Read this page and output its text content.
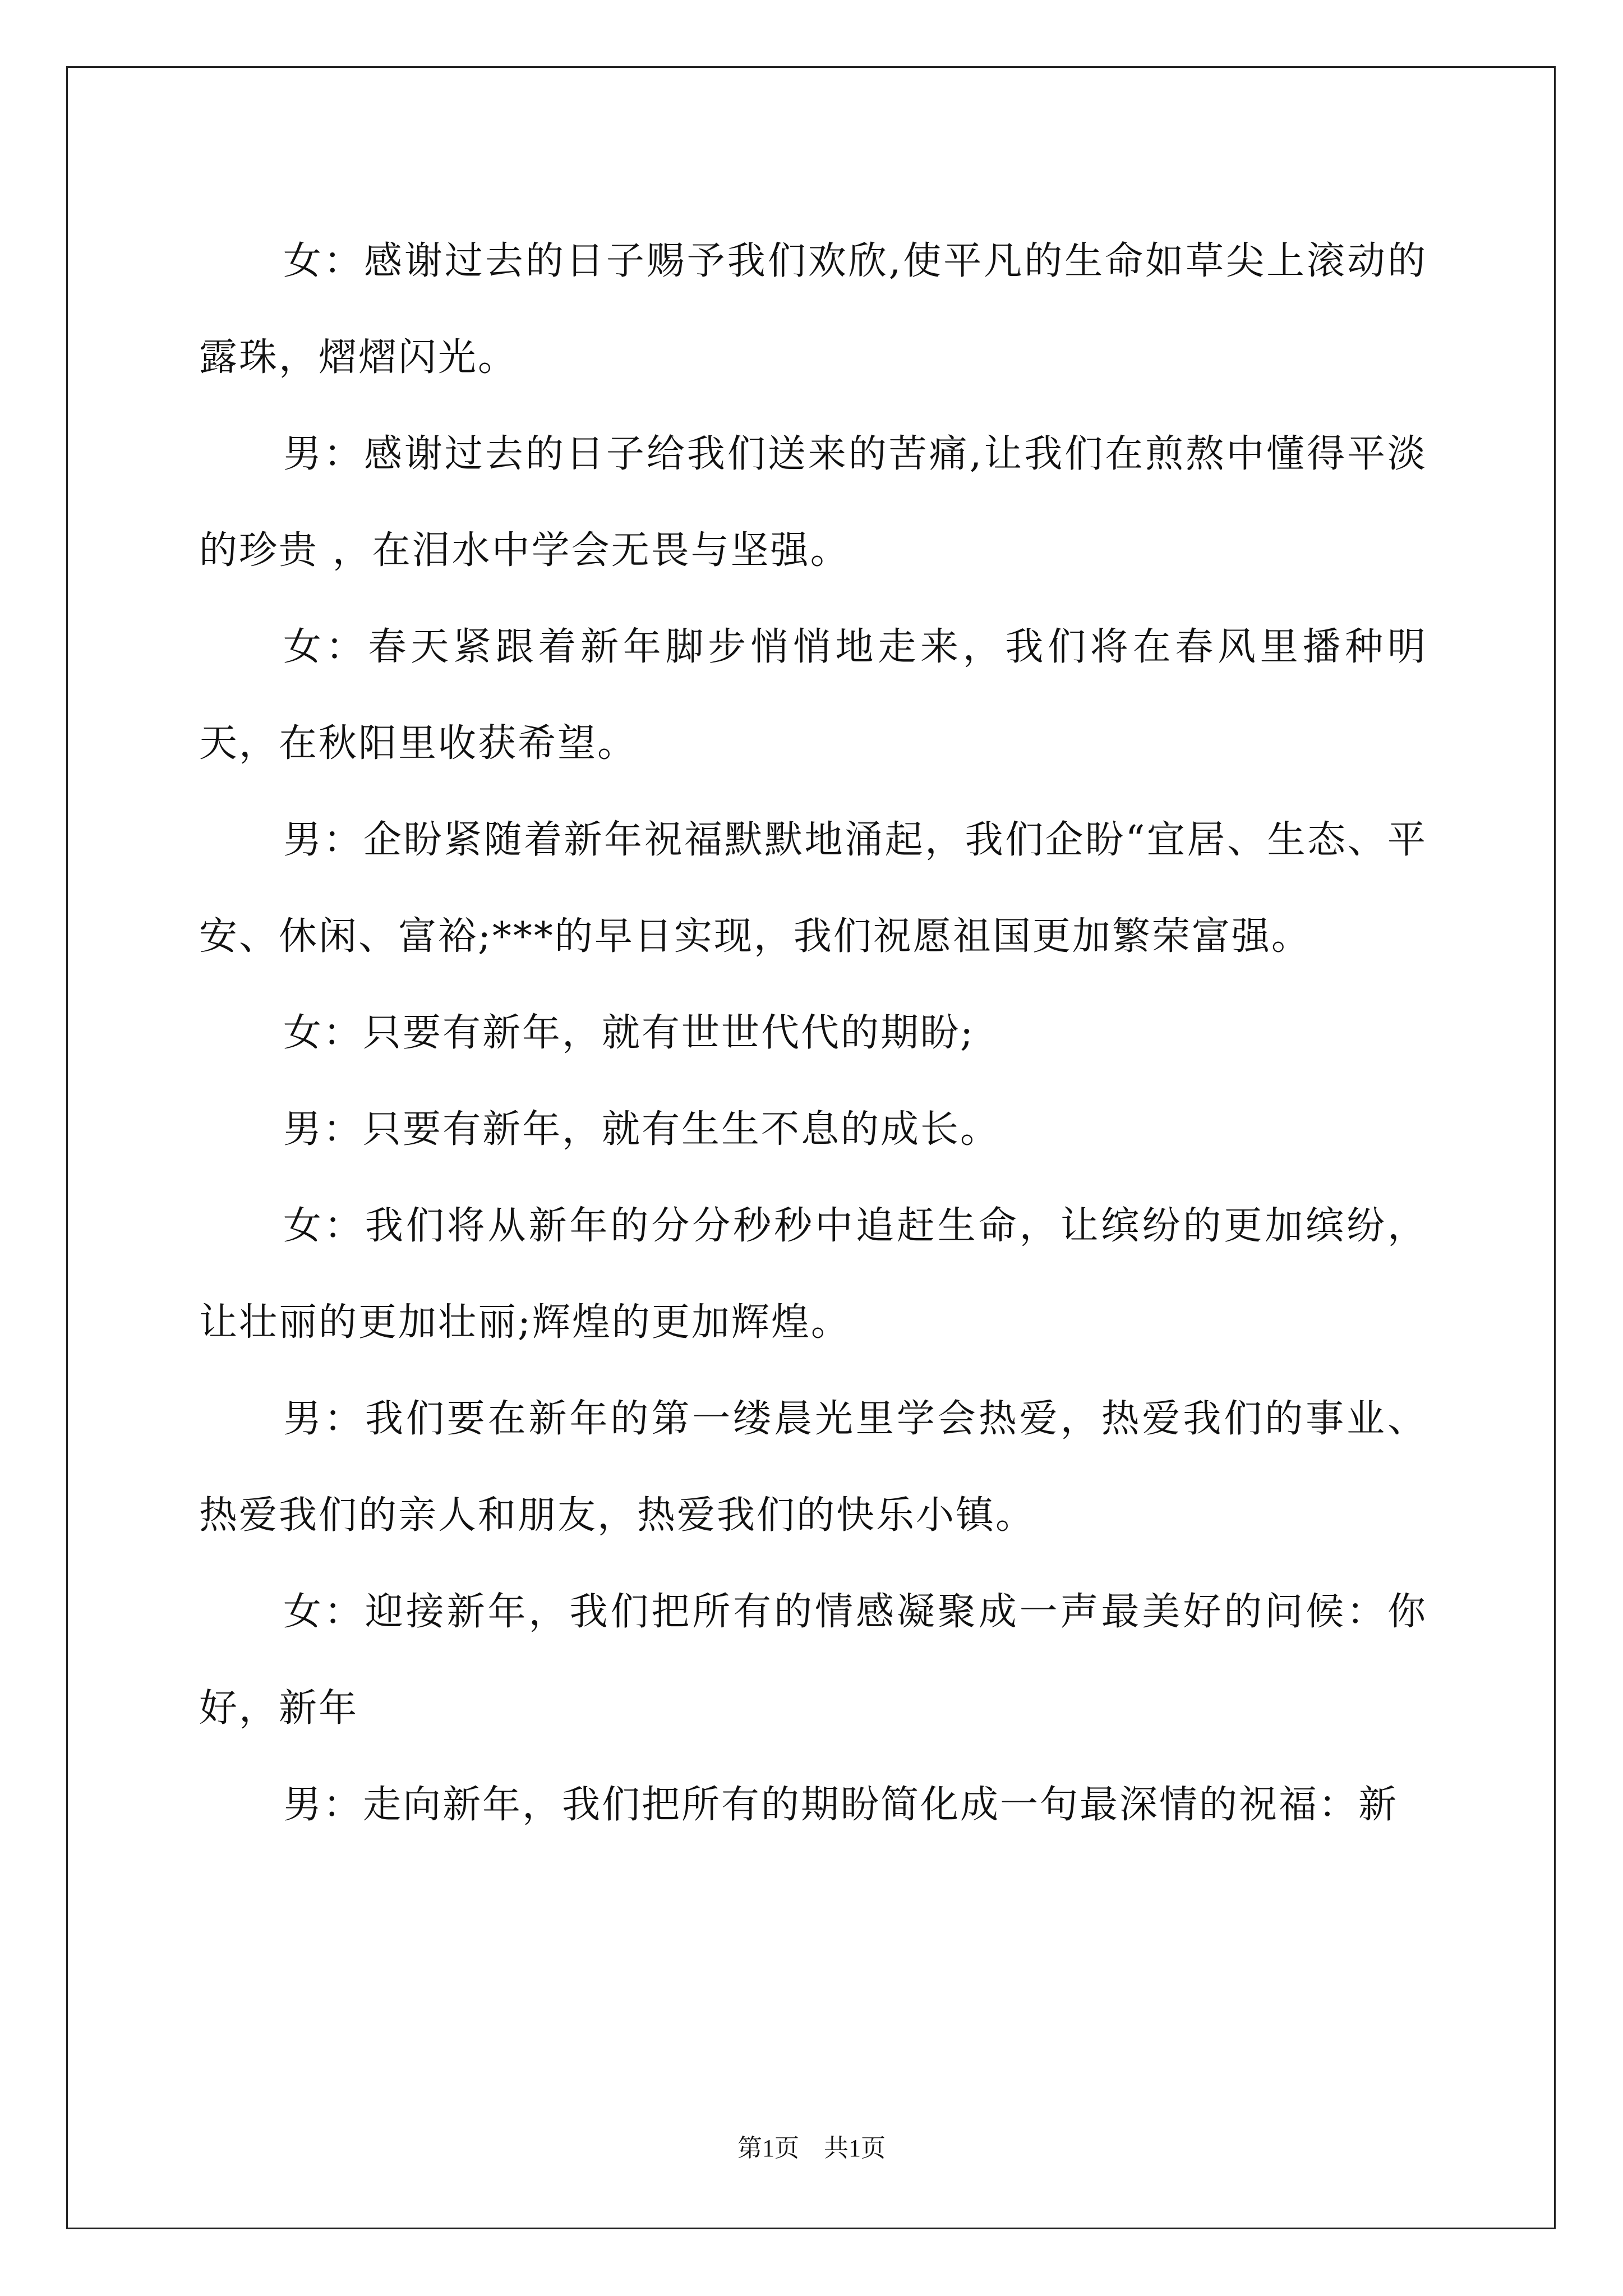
女：感谢过去的日子赐予我们欢欣,使平凡的生命如草尖上滚动的露珠，熠熠闪光。

男：感谢过去的日子给我们送来的苦痛,让我们在煎熬中懂得平淡的珍贵 ，在泪水中学会无畏与坚强。

女：春天紧跟着新年脚步悄悄地走来，我们将在春风里播种明天，在秋阳里收获希望。

男：企盼紧随着新年祝福默默地涌起，我们企盼“宜居、生态、平安、休闲、富裕;***的早日实现，我们祝愿祖国更加繁荣富强。

女：只要有新年，就有世世代代的期盼;

男：只要有新年，就有生生不息的成长。

女：我们将从新年的分分秒秒中追赶生命，让缤纷的更加缤纷，让壮丽的更加壮丽;辉煌的更加辉煌。

男：我们要在新年的第一缕晨光里学会热爱，热爱我们的事业、热爱我们的亲人和朋友，热爱我们的快乐小镇。

女：迎接新年，我们把所有的情感凝聚成一声最美好的问候：你好，新年

男：走向新年，我们把所有的期盼简化成一句最深情的祝福：新

第1页　共1页
